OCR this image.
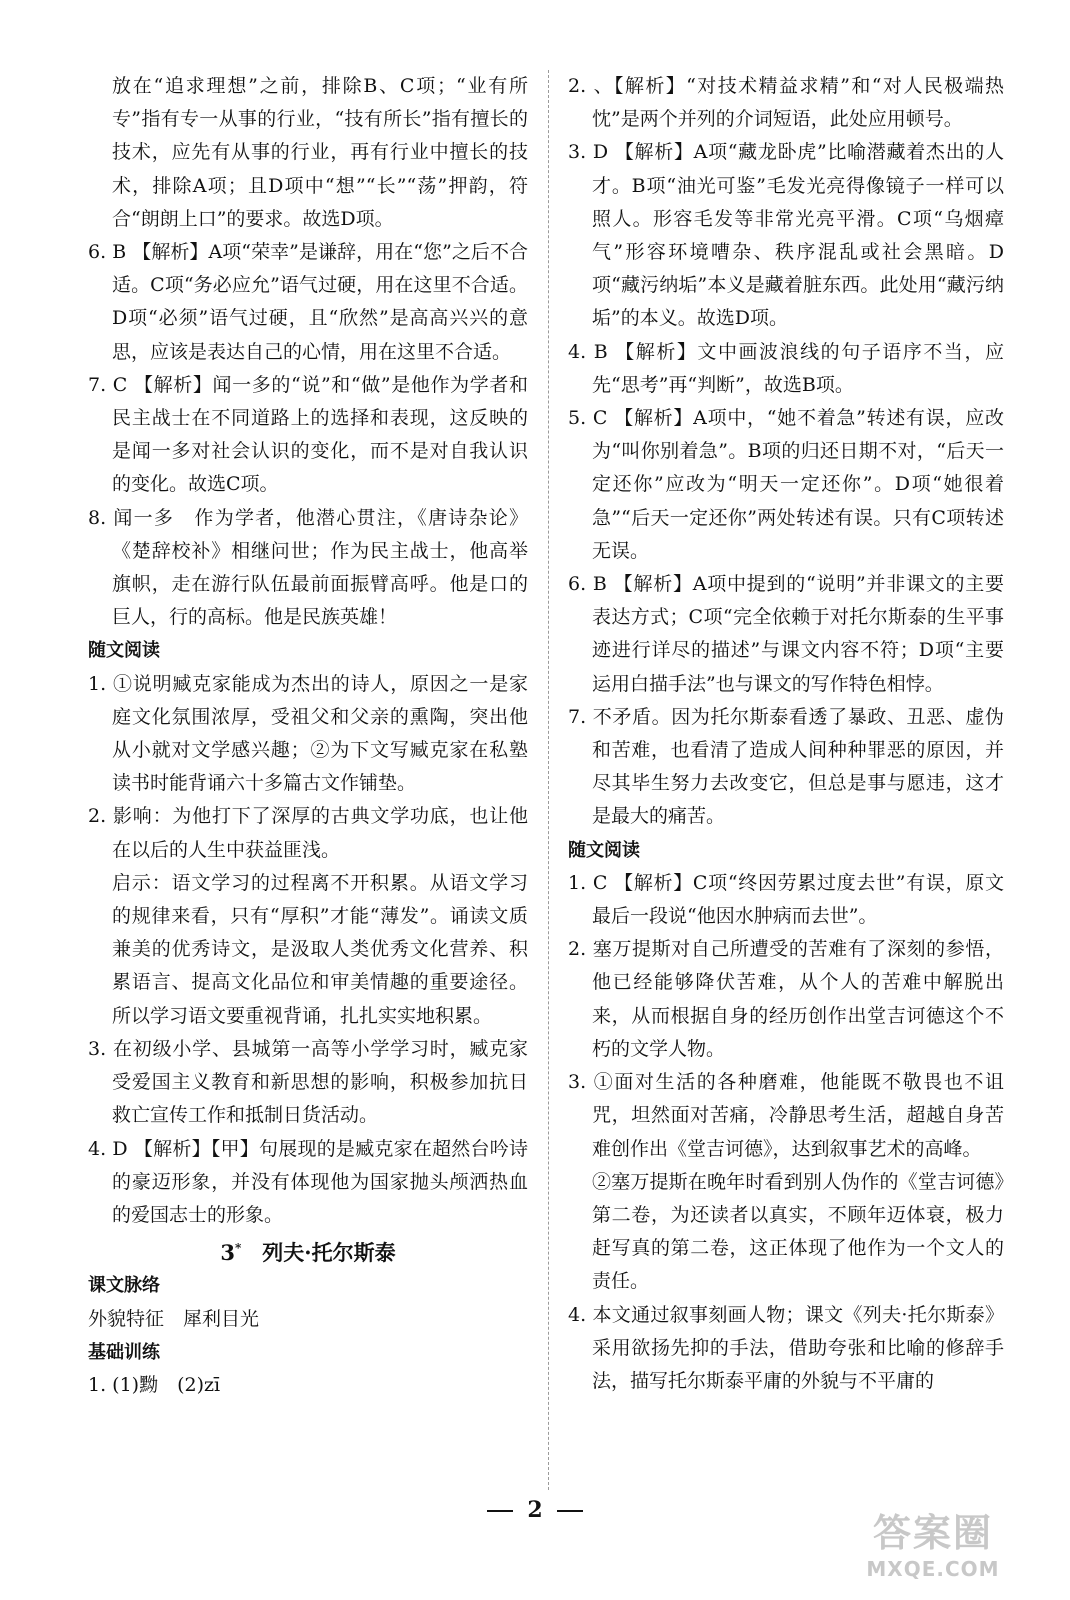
放在“追求理想”之前，排除B、C项；“业有所专”指有专一从事的行业，“技有所长”指有擅长的技术，应先有从事的行业，再有行业中擅长的技术，排除A项；且D项中“想”“长”“荡”押韵，符合“朗朗上口”的要求。故选D项。
6. B 【解析】A项“荣幸”是谦辞，用在“您”之后不合适。C项“务必应允”语气过硬，用在这里不合适。D项“必须”语气过硬，且“欣然”是高高兴兴的意思，应该是表达自己的心情，用在这里不合适。
7. C 【解析】闻一多的“说”和“做”是他作为学者和民主战士在不同道路上的选择和表现，这反映的是闻一多对社会认识的变化，而不是对自我认识的变化。故选C项。
8. 闻一多　作为学者，他潜心贯注，《唐诗杂论》《楚辞校补》相继问世；作为民主战士，他高举旗帜，走在游行队伍最前面振臂高呼。他是口的巨人，行的高标。他是民族英雄！
随文阅读
1. ①说明臧克家能成为杰出的诗人，原因之一是家庭文化氛围浓厚，受祖父和父亲的熏陶，突出他从小就对文学感兴趣；②为下文写臧克家在私塾读书时能背诵六十多篇古文作铺垫。
2. 影响：为他打下了深厚的古典文学功底，也让他在以后的人生中获益匪浅。
启示：语文学习的过程离不开积累。从语文学习的规律来看，只有“厚积”才能“薄发”。诵读文质兼美的优秀诗文，是汲取人类优秀文化营养、积累语言、提高文化品位和审美情趣的重要途径。所以学习语文要重视背诵，扎扎实实地积累。
3. 在初级小学、县城第一高等小学学习时，臧克家受爱国主义教育和新思想的影响，积极参加抗日救亡宣传工作和抵制日货活动。
4. D 【解析】【甲】句展现的是臧克家在超然台吟诗的豪迈形象，并没有体现他为国家抛头颅洒热血的爱国志士的形象。
3*  列夫·托尔斯泰
课文脉络
外貌特征　犀利目光
基础训练
1. (1)黝　(2)zī
2. 、【解析】“对技术精益求精”和“对人民极端热忱”是两个并列的介词短语，此处应用顿号。
3. D 【解析】A项“藏龙卧虎”比喻潜藏着杰出的人才。B项“油光可鉴”毛发光亮得像镜子一样可以照人。形容毛发等非常光亮平滑。C项“乌烟瘴气”形容环境嘈杂、秩序混乱或社会黑暗。D项“藏污纳垢”本义是藏着脏东西。此处用“藏污纳垢”的本义。故选D项。
4. B 【解析】文中画波浪线的句子语序不当，应先“思考”再“判断”，故选B项。
5. C 【解析】A项中，“她不着急”转述有误，应改为“叫你别着急”。B项的归还日期不对，“后天一定还你”应改为“明天一定还你”。D项“她很着急”“后天一定还你”两处转述有误。只有C项转述无误。
6. B 【解析】A项中提到的“说明”并非课文的主要表达方式；C项“完全依赖于对托尔斯泰的生平事迹进行详尽的描述”与课文内容不符；D项“主要运用白描手法”也与课文的写作特色相悖。
7. 不矛盾。因为托尔斯泰看透了暴政、丑恶、虚伪和苦难，也看清了造成人间种种罪恶的原因，并尽其毕生努力去改变它，但总是事与愿违，这才是最大的痛苦。
随文阅读
1. C 【解析】C项“终因劳累过度去世”有误，原文最后一段说“他因水肿病而去世”。
2. 塞万提斯对自己所遭受的苦难有了深刻的参悟，他已经能够降伏苦难，从个人的苦难中解脱出来，从而根据自身的经历创作出堂吉诃德这个不朽的文学人物。
3. ①面对生活的各种磨难，他能既不敬畏也不诅咒，坦然面对苦痛，冷静思考生活，超越自身苦难创作出《堂吉诃德》，达到叙事艺术的高峰。
②塞万提斯在晚年时看到别人伪作的《堂吉诃德》第二卷，为还读者以真实，不顾年迈体衰，极力赶写真的第二卷，这正体现了他作为一个文人的责任。
4. 本文通过叙事刻画人物；课文《列夫·托尔斯泰》采用欲扬先抑的手法，借助夸张和比喻的修辞手法，描写托尔斯泰平庸的外貌与不平庸的
2
答案圈
MXQE.COM
